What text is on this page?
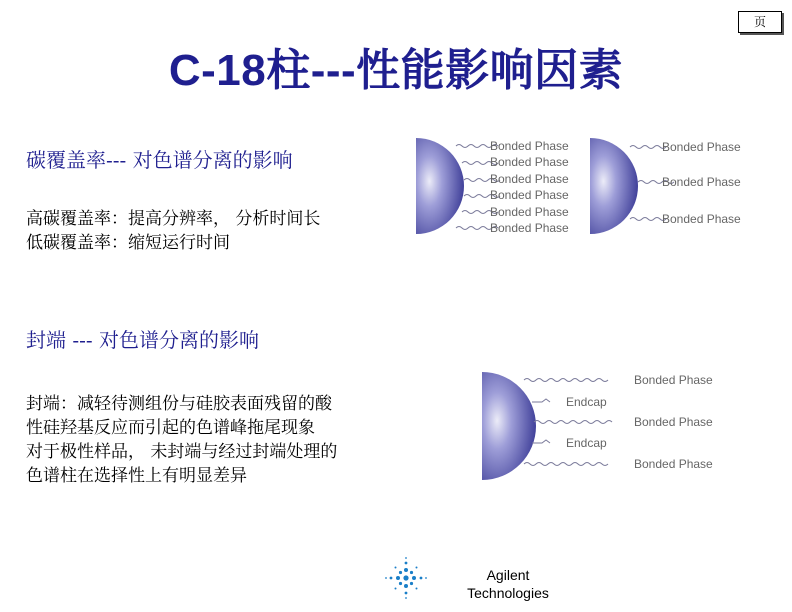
页
C-18柱---性能影响因素
碳覆盖率--- 对色谱分离的影响
高碳覆盖率：提高分辨率， 分析时间长
低碳覆盖率：缩短运行时间
封端 --- 对色谱分离的影响
封端：减轻待测组份与硅胶表面残留的酸
性硅羟基反应而引起的色谱峰拖尾现象
对于极性样品， 未封端与经过封端处理的
色谱柱在选择性上有明显差异
Bonded Phase
Bonded Phase
Bonded Phase
Bonded Phase
Bonded Phase
Bonded Phase
Bonded Phase
Bonded Phase
Bonded Phase
Bonded Phase
Endcap
Bonded Phase
Endcap
Bonded Phase
Agilent
Technologies
